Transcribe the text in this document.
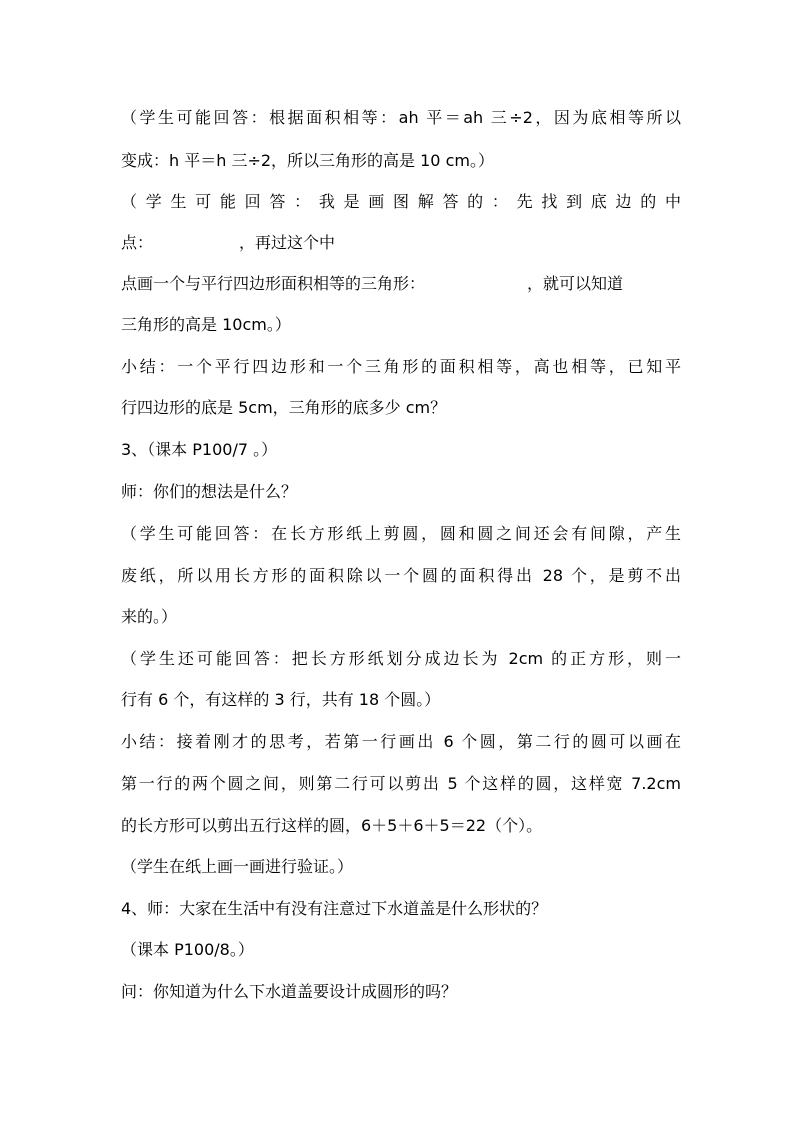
（学生可能回答：根据面积相等：ah 平＝ah 三÷2，因为底相等所以
变成：h 平＝h 三÷2，所以三角形的高是 10 cm。）
（学生可能回答：我是画图解答的：先找到底边的中
点：	，再过这个中
点画一个与平行四边形面积相等的三角形：	，就可以知道
三角形的高是 10cm。）
小结：一个平行四边形和一个三角形的面积相等，高也相等，已知平
行四边形的底是 5cm，三角形的底多少 cm？
3、（课本 P100/7 。）
师：你们的想法是什么？
（学生可能回答：在长方形纸上剪圆，圆和圆之间还会有间隙，产生
废纸，所以用长方形的面积除以一个圆的面积得出 28 个，是剪不出
来的。）
（学生还可能回答：把长方形纸划分成边长为 2cm 的正方形，则一
行有 6 个，有这样的 3 行，共有 18 个圆。）
小结：接着刚才的思考，若第一行画出 6 个圆，第二行的圆可以画在
第一行的两个圆之间，则第二行可以剪出 5 个这样的圆，这样宽 7.2cm
的长方形可以剪出五行这样的圆，6＋5＋6＋5＝22（个）。
（学生在纸上画一画进行验证。）
4、师：大家在生活中有没有注意过下水道盖是什么形状的？
（课本 P100/8。）
问：你知道为什么下水道盖要设计成圆形的吗？
